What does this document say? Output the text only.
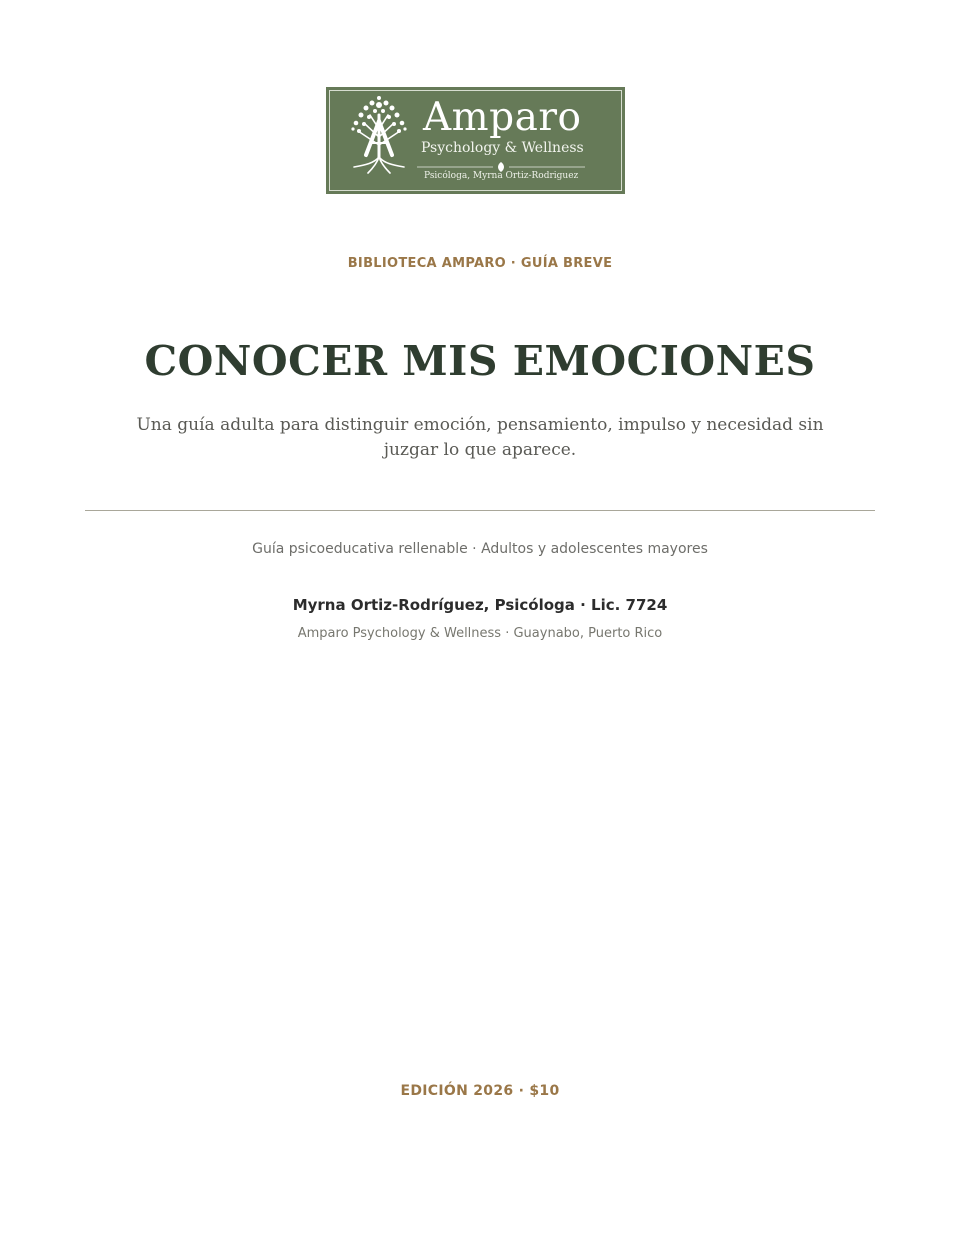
Amparo
Psychology & Wellness
Psicóloga, Myrna Ortiz-Rodriguez
BIBLIOTECA AMPARO · GUÍA BREVE
CONOCER MIS EMOCIONES

Una guía adulta para distinguir emoción, pensamiento, impulso y necesidad sin juzgar lo que aparece.

Guía psicoeducativa rellenable · Adultos y adolescentes mayores
Myrna Ortiz-Rodríguez, Psicóloga · Lic. 7724
Amparo Psychology & Wellness · Guaynabo, Puerto Rico
EDICIÓN 2026 · $10
